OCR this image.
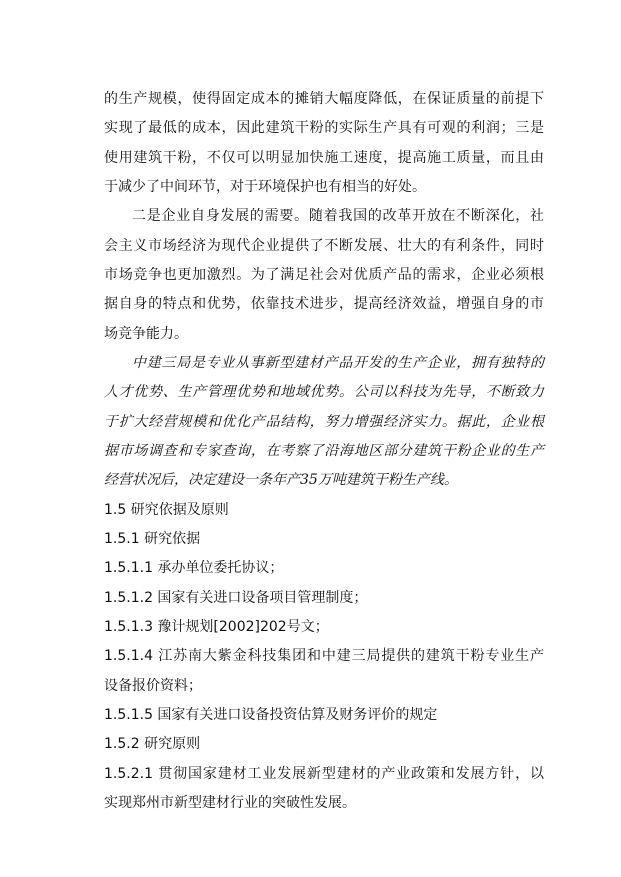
的生产规模，使得固定成本的摊销大幅度降低，在保证质量的前提下
实现了最低的成本，因此建筑干粉的实际生产具有可观的利润；三是
使用建筑干粉，不仅可以明显加快施工速度，提高施工质量，而且由
于减少了中间环节，对于环境保护也有相当的好处。
二是企业自身发展的需要。随着我国的改革开放在不断深化，社
会主义市场经济为现代企业提供了不断发展、壮大的有利条件，同时
市场竞争也更加激烈。为了满足社会对优质产品的需求，企业必须根
据自身的特点和优势，依靠技术进步，提高经济效益，增强自身的市
场竞争能力。
中建三局是专业从事新型建材产品开发的生产企业，拥有独特的
人才优势、生产管理优势和地域优势。公司以科技为先导，不断致力
于扩大经营规模和优化产品结构，努力增强经济实力。据此，企业根
据市场调查和专家查询，在考察了沿海地区部分建筑干粉企业的生产
经营状况后，决定建设一条年产35万吨建筑干粉生产线。
1.5 研究依据及原则
1.5.1 研究依据
1.5.1.1 承办单位委托协议；
1.5.1.2 国家有关进口设备项目管理制度；
1.5.1.3 豫计规划[2002]202号文；
1.5.1.4 江苏南大紫金科技集团和中建三局提供的建筑干粉专业生产
设备报价资料；
1.5.1.5 国家有关进口设备投资估算及财务评价的规定
1.5.2 研究原则
1.5.2.1 贯彻国家建材工业发展新型建材的产业政策和发展方针，以
实现郑州市新型建材行业的突破性发展。
